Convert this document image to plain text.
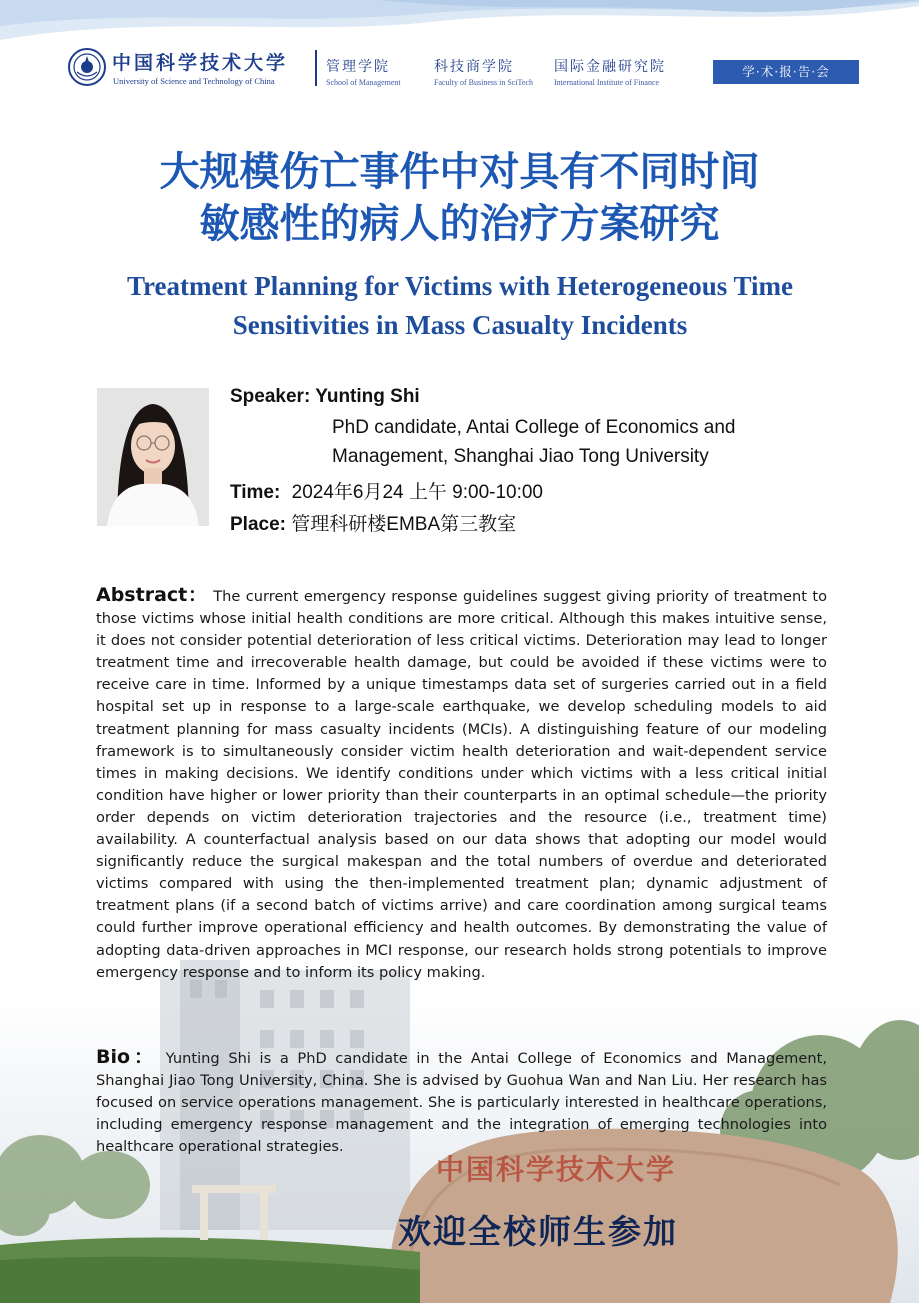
中国科学技术大学
University of Science and Technology of China
管理学院
School of Management
科技商学院
Faculty of Business in SciTech
国际金融研究院
International Institute of Finance
学·术·报·告·会
大规模伤亡事件中对具有不同时间
敏感性的病人的治疗方案研究
Treatment Planning for Victims with Heterogeneous Time
Sensitivities in Mass Casualty Incidents
Speaker: Yunting Shi
PhD candidate, Antai College of Economics and
Management, Shanghai Jiao Tong University
Time: 2024年6月24 上午 9:00-10:00
Place: 管理科研楼EMBA第三教室
中国科学技术大学
Abstract： The current emergency response guidelines suggest giving priority of treatment to those victims whose initial health conditions are more critical. Although this makes intuitive sense, it does not consider potential deterioration of less critical victims. Deterioration may lead to longer treatment time and irrecoverable health damage, but could be avoided if these victims were to receive care in time. Informed by a unique timestamps data set of surgeries carried out in a field hospital set up in response to a large-scale earthquake, we develop scheduling models to aid treatment planning for mass casualty incidents (MCIs). A distinguishing feature of our modeling framework is to simultaneously consider victim health deterioration and wait-dependent service times in making decisions. We identify conditions under which victims with a less critical initial condition have higher or lower priority than their counterparts in an optimal schedule—the priority order depends on victim deterioration trajectories and the resource (i.e., treatment time) availability. A counterfactual analysis based on our data shows that adopting our model would significantly reduce the surgical makespan and the total numbers of overdue and deteriorated victims compared with using the then-implemented treatment plan; dynamic adjustment of treatment plans (if a second batch of victims arrive) and care coordination among surgical teams could further improve operational efficiency and health outcomes. By demonstrating the value of adopting data-driven approaches in MCI response, our research holds strong potentials to improve emergency response and to inform its policy making.
Bio： Yunting Shi is a PhD candidate in the Antai College of Economics and Management, Shanghai Jiao Tong University, China. She is advised by Guohua Wan and Nan Liu. Her research has focused on service operations management. She is particularly interested in healthcare operations, including emergency response management and the integration of emerging technologies into healthcare operational strategies.
欢迎全校师生参加
